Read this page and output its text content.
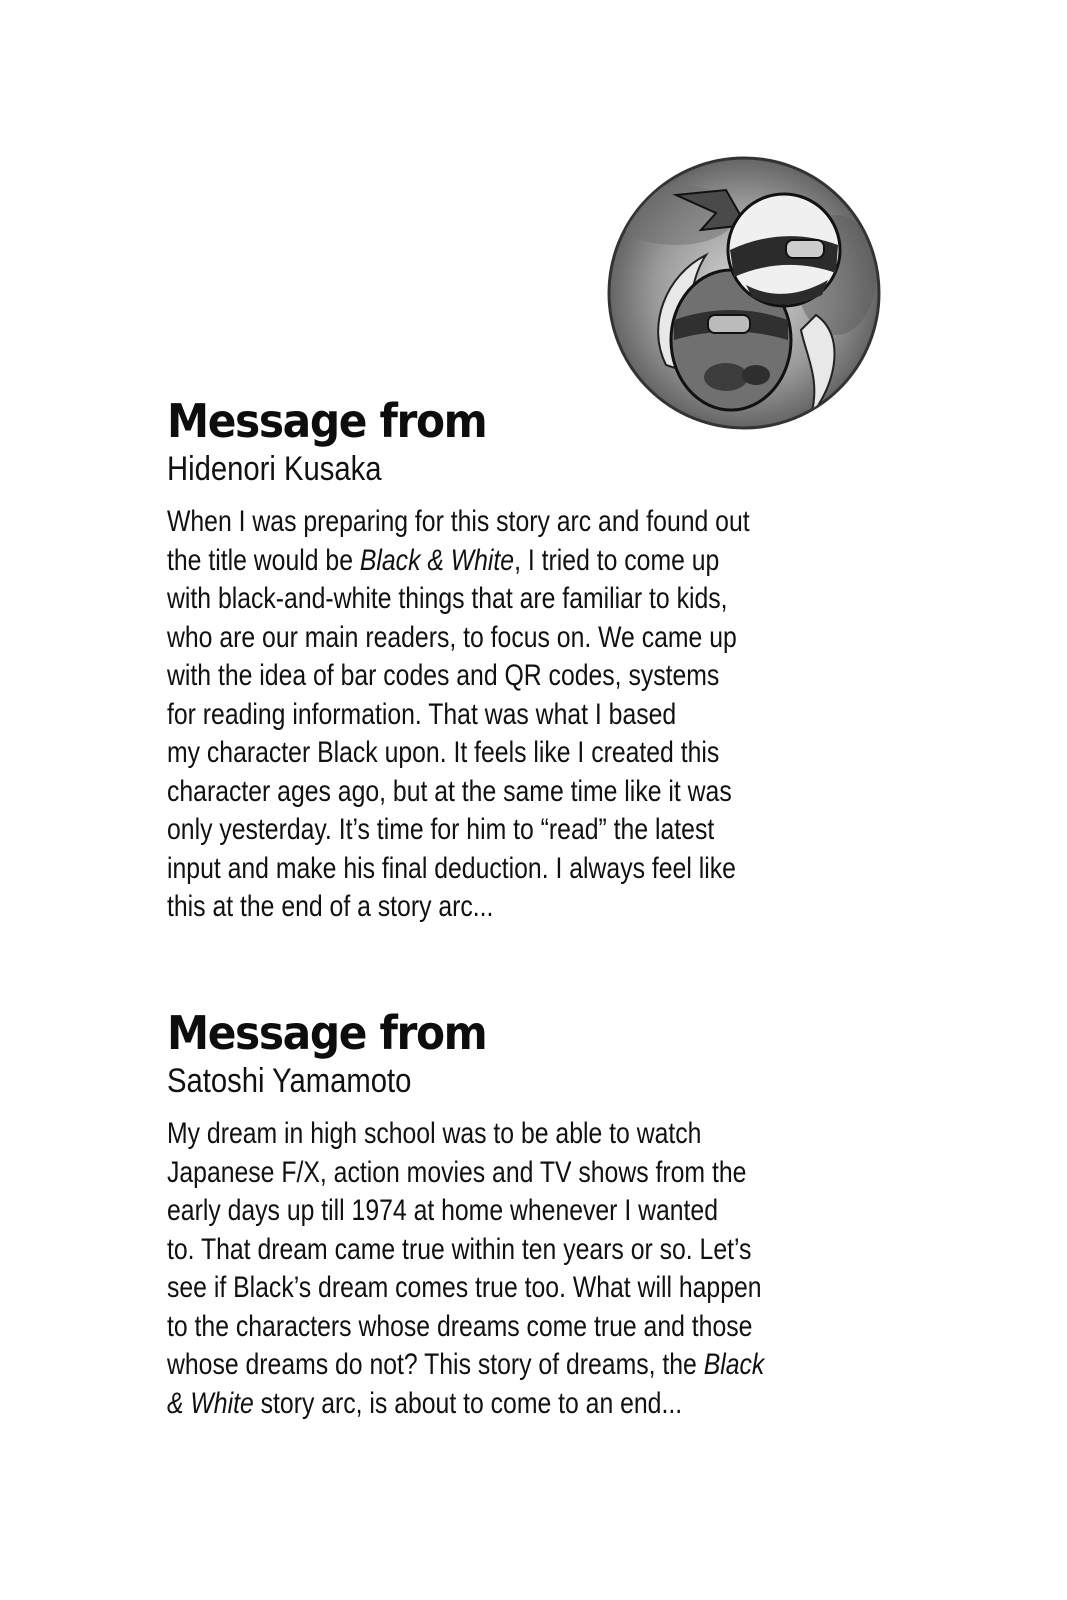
Message from
Hidenori Kusaka
When I was preparing for this story arc and found out
the title would be Black & White, I tried to come up
with black-and-white things that are familiar to kids,
who are our main readers, to focus on. We came up
with the idea of bar codes and QR codes, systems
for reading information. That was what I based
my character Black upon. It feels like I created this
character ages ago, but at the same time like it was
only yesterday. It’s time for him to “read” the latest
input and make his final deduction. I always feel like
this at the end of a story arc...
Message from
Satoshi Yamamoto
My dream in high school was to be able to watch
Japanese F/X, action movies and TV shows from the
early days up till 1974 at home whenever I wanted
to. That dream came true within ten years or so. Let’s
see if Black’s dream comes true too. What will happen
to the characters whose dreams come true and those
whose dreams do not? This story of dreams, the Black
& White story arc, is about to come to an end...
